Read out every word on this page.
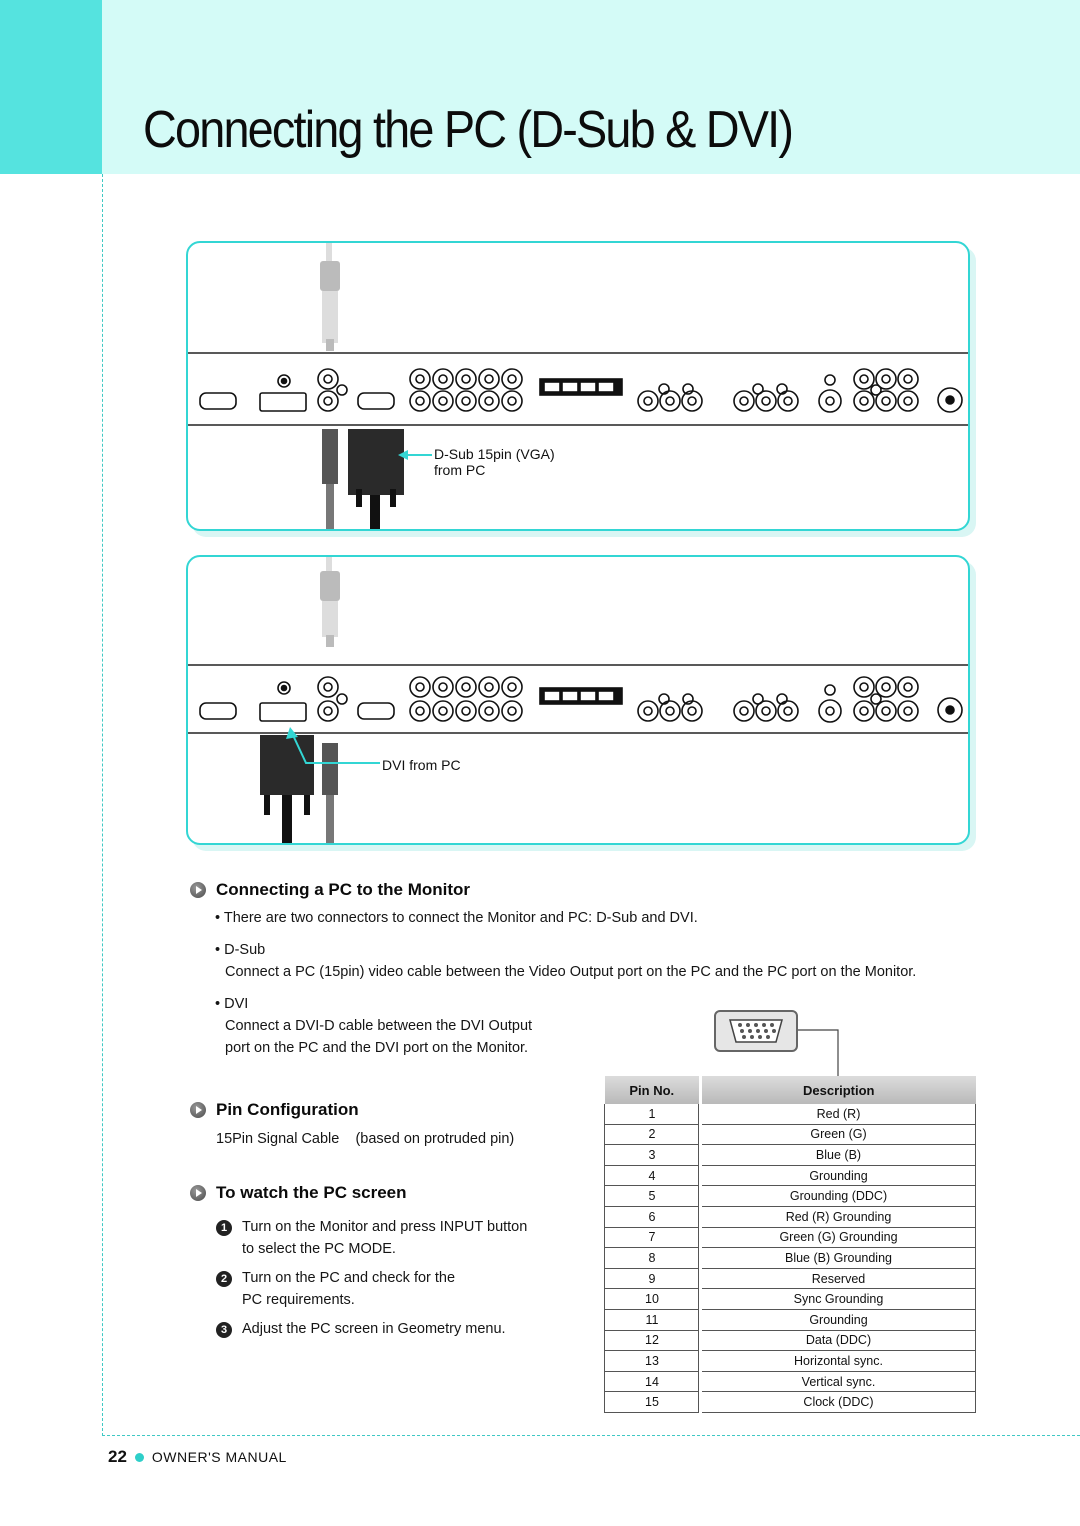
Connecting the PC (D-Sub & DVI)
D-Sub 15pin (VGA)
from PC
DVI from PC
Connecting a PC to the Monitor
• There are two connectors to connect the Monitor and PC: D-Sub and DVI.
• D-Sub
Connect a PC (15pin) video cable between the Video Output port on the PC and the PC port on the Monitor.
• DVI
Connect a DVI-D cable between the DVI Output
port on the PC and the DVI port on the Monitor.
Pin Configuration
15Pin Signal Cable    (based on protruded pin)
To watch the PC screen
1	Turn on the Monitor and press INPUT button
to select the PC MODE.
2	Turn on the PC and check for the
PC requirements.
3	Adjust the PC screen in Geometry menu.
Pin No.	Description
1	Red (R)
2	Green (G)
3	Blue (B)
4	Grounding
5	Grounding (DDC)
6	Red (R) Grounding
7	Green (G) Grounding
8	Blue (B) Grounding
9	Reserved
10	Sync Grounding
11	Grounding
12	Data (DDC)
13	Horizontal sync.
14	Vertical sync.
15	Clock (DDC)
22 OWNER'S MANUAL
